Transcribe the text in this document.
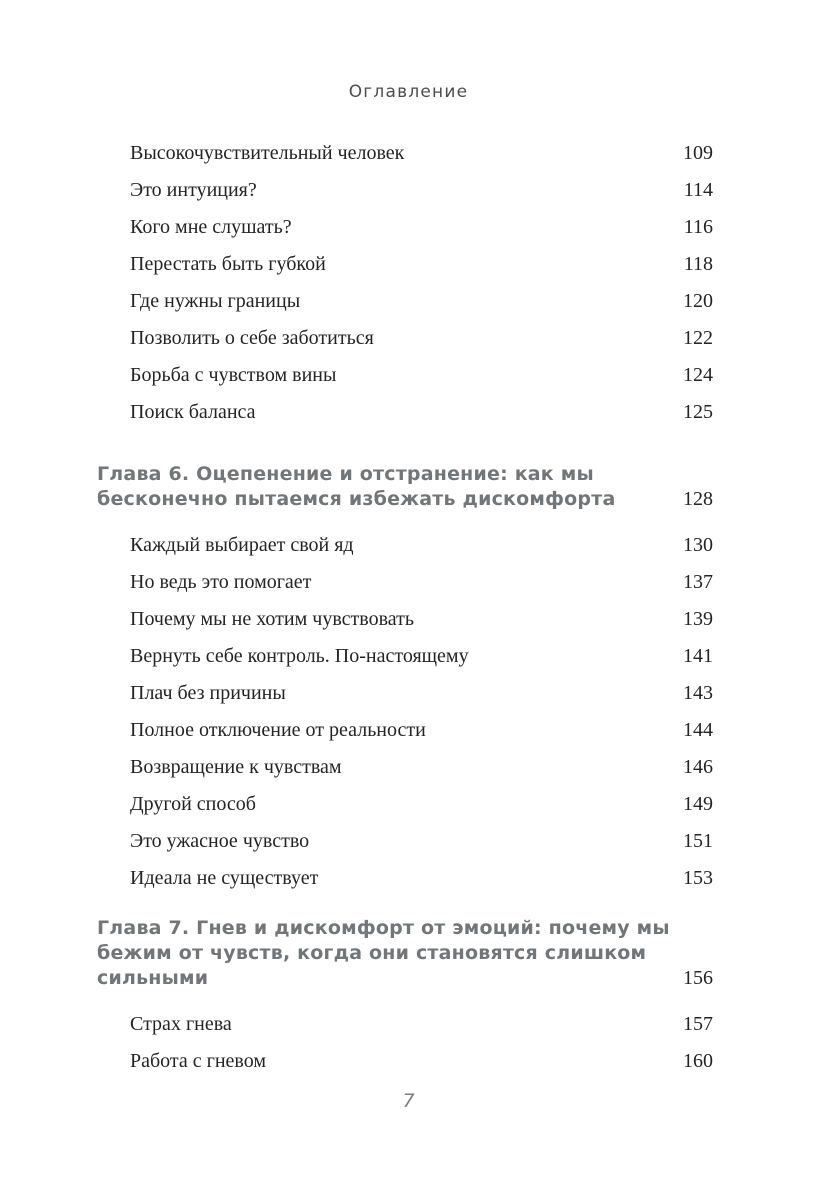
Оглавление
Высокочувствительный человек	109
Это интуиция?	114
Кого мне слушать?	116
Перестать быть губкой	118
Где нужны границы	120
Позволить о себе заботиться	122
Борьба с чувством вины	124
Поиск баланса	125
Глава 6. Оцепенение и отстранение: как мы
бесконечно пытаемся избежать дискомфорта	128
Каждый выбирает свой яд	130
Но ведь это помогает	137
Почему мы не хотим чувствовать	139
Вернуть себе контроль. По-настоящему	141
Плач без причины	143
Полное отключение от реальности	144
Возвращение к чувствам	146
Другой способ	149
Это ужасное чувство	151
Идеала не существует	153
Глава 7. Гнев и дискомфорт от эмоций: почему мы
бежим от чувств, когда они становятся слишком
сильными	156
Страх гнева	157
Работа с гневом	160
7
